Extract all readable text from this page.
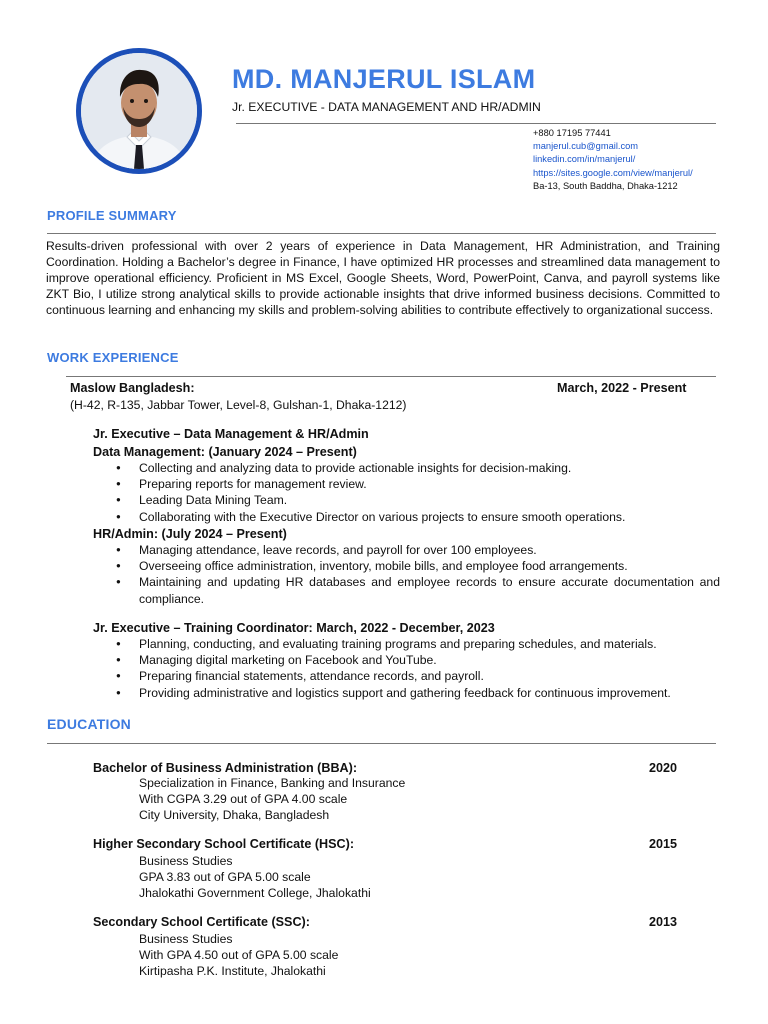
MD. MANJERUL ISLAM
Jr. EXECUTIVE - DATA MANAGEMENT AND HR/ADMIN
+880 17195 77441
manjerul.cub@gmail.com
linkedin.com/in/manjerul/
https://sites.google.com/view/manjerul/
Ba-13, South Baddha, Dhaka-1212
PROFILE SUMMARY

Results-driven professional with over 2 years of experience in Data Management, HR Administration, and Training Coordination. Holding a Bachelor’s degree in Finance, I have optimized HR processes and streamlined data management to improve operational efficiency. Proficient in MS Excel, Google Sheets, Word, PowerPoint, Canva, and payroll systems like ZKT Bio, I utilize strong analytical skills to provide actionable insights that drive informed business decisions. Committed to continuous learning and enhancing my skills and problem-solving abilities to contribute effectively to organizational success.

WORK EXPERIENCE
Maslow Bangladesh:	March, 2022 - Present
(H-42, R-135, Jabbar Tower, Level-8, Gulshan-1, Dhaka-1212)
Jr. Executive – Data Management & HR/Admin
Data Management: (January 2024 – Present)
● Collecting and analyzing data to provide actionable insights for decision-making.
● Preparing reports for management review.
● Leading Data Mining Team.
● Collaborating with the Executive Director on various projects to ensure smooth operations.
HR/Admin: (July 2024 – Present)
● Managing attendance, leave records, and payroll for over 100 employees.
● Overseeing office administration, inventory, mobile bills, and employee food arrangements.
● Maintaining and updating HR databases and employee records to ensure accurate documentation and compliance.
Jr. Executive – Training Coordinator: March, 2022 - December, 2023
● Planning, conducting, and evaluating training programs and preparing schedules, and materials.
● Managing digital marketing on Facebook and YouTube.
● Preparing financial statements, attendance records, and payroll.
● Providing administrative and logistics support and gathering feedback for continuous improvement.
EDUCATION
Bachelor of Business Administration (BBA):	2020
Specialization in Finance, Banking and Insurance
With CGPA 3.29 out of GPA 4.00 scale
City University, Dhaka, Bangladesh
Higher Secondary School Certificate (HSC):	2015
Business Studies
GPA 3.83 out of GPA 5.00 scale
Jhalokathi Government College, Jhalokathi
Secondary School Certificate (SSC):	2013
Business Studies
With GPA 4.50 out of GPA 5.00 scale
Kirtipasha P.K. Institute, Jhalokathi
